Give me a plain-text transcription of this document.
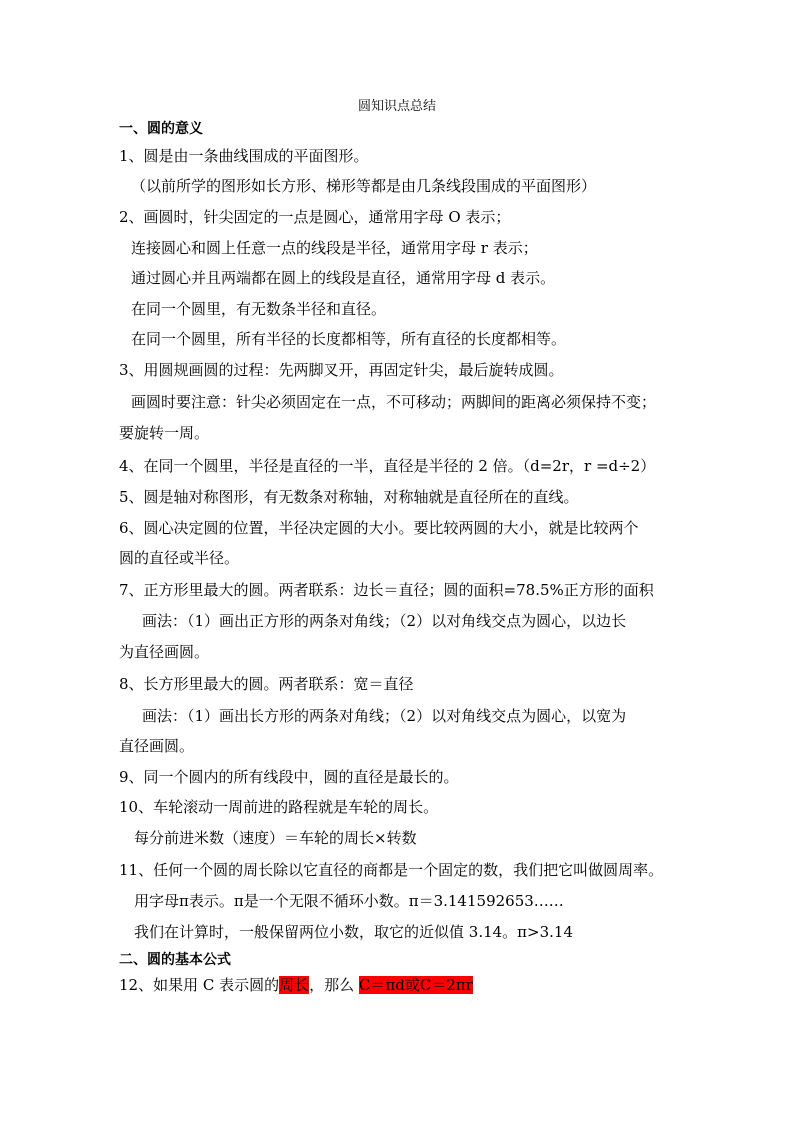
圆知识点总结
一、圆的意义
1、圆是由一条曲线围成的平面图形。
（以前所学的图形如长方形、梯形等都是由几条线段围成的平面图形）
2、画圆时，针尖固定的一点是圆心，通常用字母 O 表示；
连接圆心和圆上任意一点的线段是半径，通常用字母 r 表示；
通过圆心并且两端都在圆上的线段是直径，通常用字母 d 表示。
在同一个圆里，有无数条半径和直径。
在同一个圆里，所有半径的长度都相等，所有直径的长度都相等。
3、用圆规画圆的过程：先两脚叉开，再固定针尖，最后旋转成圆。
画圆时要注意：针尖必须固定在一点，不可移动；两脚间的距离必须保持不变；
要旋转一周。
4、在同一个圆里，半径是直径的一半，直径是半径的 2 倍。（d=2r，r =d÷2）
5、圆是轴对称图形，有无数条对称轴，对称轴就是直径所在的直线。
6、圆心决定圆的位置，半径决定圆的大小。要比较两圆的大小，就是比较两个
圆的直径或半径。
7、正方形里最大的圆。两者联系：边长＝直径；圆的面积=78.5%正方形的面积
画法：（1）画出正方形的两条对角线；（2）以对角线交点为圆心，以边长
为直径画圆。
8、长方形里最大的圆。两者联系：宽＝直径
画法：（1）画出长方形的两条对角线；（2）以对角线交点为圆心，以宽为
直径画圆。
9、同一个圆内的所有线段中，圆的直径是最长的。
10、车轮滚动一周前进的路程就是车轮的周长。
每分前进米数（速度）＝车轮的周长×转数
11、任何一个圆的周长除以它直径的商都是一个固定的数，我们把它叫做圆周率。
用字母π表示。π是一个无限不循环小数。π＝3.141592653……
我们在计算时，一般保留两位小数，取它的近似值 3.14。π>3.14
二、圆的基本公式
12、如果用 C 表示圆的周长，那么 C＝πd或C＝2πr
